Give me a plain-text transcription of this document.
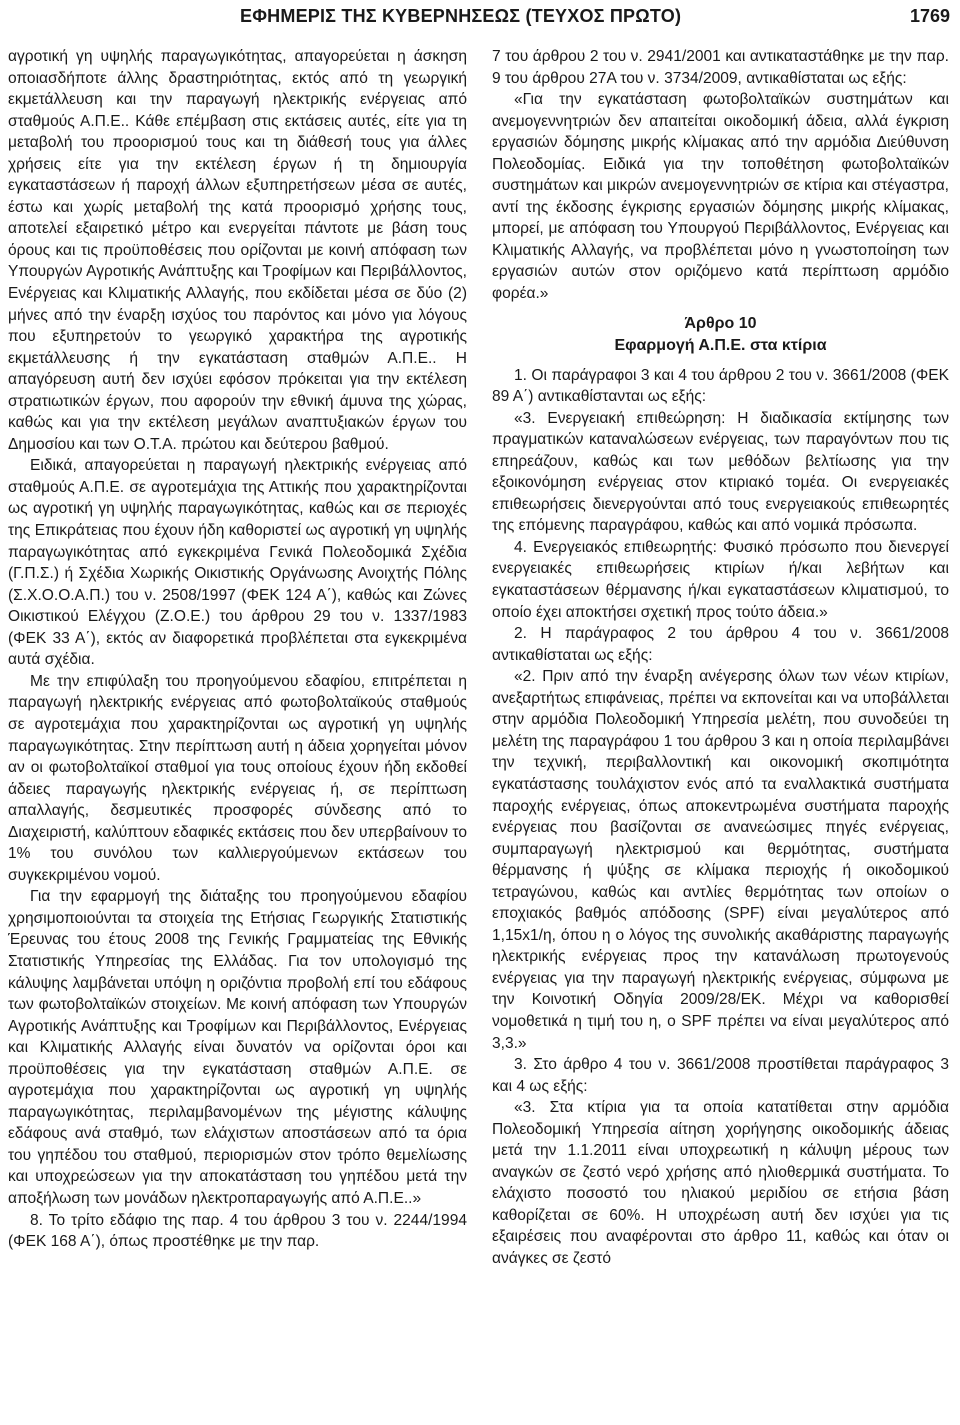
ΕΦΗΜΕΡΙΣ ΤΗΣ ΚΥΒΕΡΝΗΣΕΩΣ (ΤΕΥΧΟΣ ΠΡΩΤΟ)	1769

αγροτική γη υψηλής παραγωγικότητας, απαγορεύεται η άσκηση οποιασδήποτε άλλης δραστηριότητας, εκτός από τη γεωργική εκμετάλλευση και την παραγωγή ηλεκτρικής ενέργειας από σταθμούς Α.Π.Ε.. Κάθε επέμβαση στις εκτάσεις αυτές, είτε για τη μεταβολή του προορισμού τους και τη διάθεσή τους για άλλες χρήσεις είτε για την εκτέλεση έργων ή τη δημιουργία εγκαταστάσεων ή παροχή άλλων εξυπηρετήσεων μέσα σε αυτές, έστω και χωρίς μεταβολή της κατά προορισμό χρήσης τους, αποτελεί εξαιρετικό μέτρο και ενεργείται πάντοτε με βάση τους όρους και τις προϋποθέσεις που ορίζονται με κοινή απόφαση των Υπουργών Αγροτικής Ανάπτυξης και Τροφίμων και Περιβάλλοντος, Ενέργειας και Κλιματικής Αλλαγής, που εκδίδεται μέσα σε δύο (2) μήνες από την έναρξη ισχύος του παρόντος και μόνο για λόγους που εξυπηρετούν το γεωργικό χαρακτήρα της αγροτικής εκμετάλλευσης ή την εγκατάσταση σταθμών Α.Π.Ε.. Η απαγόρευση αυτή δεν ισχύει εφόσον πρόκειται για την εκτέλεση στρατιωτικών έργων, που αφορούν την εθνική άμυνα της χώρας, καθώς και για την εκτέλεση μεγάλων αναπτυξιακών έργων του Δημοσίου και των Ο.Τ.Α. πρώτου και δεύτερου βαθμού.

Ειδικά, απαγορεύεται η παραγωγή ηλεκτρικής ενέργειας από σταθμούς Α.Π.Ε. σε αγροτεμάχια της Αττικής που χαρακτηρίζονται ως αγροτική γη υψηλής παραγωγικότητας, καθώς και σε περιοχές της Επικράτειας που έχουν ήδη καθοριστεί ως αγροτική γη υψηλής παραγωγικότητας από εγκεκριμένα Γενικά Πολεοδομικά Σχέδια (Γ.Π.Σ.) ή Σχέδια Χωρικής Οικιστικής Οργάνωσης Ανοιχτής Πόλης (Σ.Χ.Ο.Ο.Α.Π.) του ν. 2508/1997 (ΦΕΚ 124 Α΄), καθώς και Ζώνες Οικιστικού Ελέγχου (Ζ.Ο.Ε.) του άρθρου 29 του ν. 1337/1983 (ΦΕΚ 33 Α΄), εκτός αν διαφορετικά προβλέπεται στα εγκεκριμένα αυτά σχέδια.

Με την επιφύλαξη του προηγούμενου εδαφίου, επιτρέπεται η παραγωγή ηλεκτρικής ενέργειας από φωτοβολταϊκούς σταθμούς σε αγροτεμάχια που χαρακτηρίζονται ως αγροτική γη υψηλής παραγωγικότητας. Στην περίπτωση αυτή η άδεια χορηγείται μόνον αν οι φωτοβολταϊκοί σταθμοί για τους οποίους έχουν ήδη εκδοθεί άδειες παραγωγής ηλεκτρικής ενέργειας ή, σε περίπτωση απαλλαγής, δεσμευτικές προσφορές σύνδεσης από το Διαχειριστή, καλύπτουν εδαφικές εκτάσεις που δεν υπερβαίνουν το 1% του συνόλου των καλλιεργούμενων εκτάσεων του συγκεκριμένου νομού.

Για την εφαρμογή της διάταξης του προηγούμενου εδαφίου χρησιμοποιούνται τα στοιχεία της Ετήσιας Γεωργικής Στατιστικής Έρευνας του έτους 2008 της Γενικής Γραμματείας της Εθνικής Στατιστικής Υπηρεσίας της Ελλάδας. Για τον υπολογισμό της κάλυψης λαμβάνεται υπόψη η οριζόντια προβολή επί του εδάφους των φωτοβολταϊκών στοιχείων. Με κοινή απόφαση των Υπουργών Αγροτικής Ανάπτυξης και Τροφίμων και Περιβάλλοντος, Ενέργειας και Κλιματικής Αλλαγής είναι δυνατόν να ορίζονται όροι και προϋποθέσεις για την εγκατάσταση σταθμών Α.Π.Ε. σε αγροτεμάχια που χαρακτηρίζονται ως αγροτική γη υψηλής παραγωγικότητας, περιλαμβανομένων της μέγιστης κάλυψης εδάφους ανά σταθμό, των ελάχιστων αποστάσεων από τα όρια του γηπέδου του σταθμού, περιορισμών στον τρόπο θεμελίωσης και υποχρεώσεων για την αποκατάσταση του γηπέδου μετά την αποξήλωση των μονάδων ηλεκτροπαραγωγής από Α.Π.Ε..»

8. Το τρίτο εδάφιο της παρ. 4 του άρθρου 3 του ν. 2244/1994 (ΦΕΚ 168 Α΄), όπως προστέθηκε με την παρ.

7 του άρθρου 2 του ν. 2941/2001 και αντικαταστάθηκε με την παρ. 9 του άρθρου 27Α του ν. 3734/2009, αντικαθίσταται ως εξής:

«Για την εγκατάσταση φωτοβολταϊκών συστημάτων και ανεμογεννητριών δεν απαιτείται οικοδομική άδεια, αλλά έγκριση εργασιών δόμησης μικρής κλίμακας από την αρμόδια Διεύθυνση Πολεοδομίας. Ειδικά για την τοποθέτηση φωτοβολταϊκών συστημάτων και μικρών ανεμογεννητριών σε κτίρια και στέγαστρα, αντί της έκδοσης έγκρισης εργασιών δόμησης μικρής κλίμακας, μπορεί, με απόφαση του Υπουργού Περιβάλλοντος, Ενέργειας και Κλιματικής Αλλαγής, να προβλέπεται μόνο η γνωστοποίηση των εργασιών αυτών στον οριζόμενο κατά περίπτωση αρμόδιο φορέα.»

Άρθρο 10

Εφαρμογή Α.Π.Ε. στα κτίρια

1. Οι παράγραφοι 3 και 4 του άρθρου 2 του ν. 3661/2008 (ΦΕΚ 89 Α΄) αντικαθίστανται ως εξής:

«3. Ενεργειακή επιθεώρηση: Η διαδικασία εκτίμησης των πραγματικών καταναλώσεων ενέργειας, των παραγόντων που τις επηρεάζουν, καθώς και των μεθόδων βελτίωσης για την εξοικονόμηση ενέργειας στον κτιριακό τομέα. Οι ενεργειακές επιθεωρήσεις διενεργούνται από τους ενεργειακούς επιθεωρητές της επόμενης παραγράφου, καθώς και από νομικά πρόσωπα.

4. Ενεργειακός επιθεωρητής: Φυσικό πρόσωπο που διενεργεί ενεργειακές επιθεωρήσεις κτιρίων ή/και λεβήτων και εγκαταστάσεων θέρμανσης ή/και εγκαταστάσεων κλιματισμού, το οποίο έχει αποκτήσει σχετική προς τούτο άδεια.»

2. Η παράγραφος 2 του άρθρου 4 του ν. 3661/2008 αντικαθίσταται ως εξής:

«2. Πριν από την έναρξη ανέγερσης όλων των νέων κτιρίων, ανεξαρτήτως επιφάνειας, πρέπει να εκπονείται και να υποβάλλεται στην αρμόδια Πολεοδομική Υπηρεσία μελέτη, που συνοδεύει τη μελέτη της παραγράφου 1 του άρθρου 3 και η οποία περιλαμβάνει την τεχνική, περιβαλλοντική και οικονομική σκοπιμότητα εγκατάστασης τουλάχιστον ενός από τα εναλλακτικά συστήματα παροχής ενέργειας, όπως αποκεντρωμένα συστήματα παροχής ενέργειας που βασίζονται σε ανανεώσιμες πηγές ενέργειας, συμπαραγωγή ηλεκτρισμού και θερμότητας, συστήματα θέρμανσης ή ψύξης σε κλίμακα περιοχής ή οικοδομικού τετραγώνου, καθώς και αντλίες θερμότητας των οποίων ο εποχιακός βαθμός απόδοσης (SPF) είναι μεγαλύτερος από 1,15x1/η, όπου η ο λόγος της συνολικής ακαθάριστης παραγωγής ηλεκτρικής ενέργειας προς την κατανάλωση πρωτογενούς ενέργειας για την παραγωγή ηλεκτρικής ενέργειας, σύμφωνα με την Κοινοτική Οδηγία 2009/28/ΕΚ. Μέχρι να καθορισθεί νομοθετικά η τιμή του η, ο SPF πρέπει να είναι μεγαλύτερος από 3,3.»

3. Στο άρθρο 4 του ν. 3661/2008 προστίθεται παράγραφος 3 και 4 ως εξής:

«3. Στα κτίρια για τα οποία κατατίθεται στην αρμόδια Πολεοδομική Υπηρεσία αίτηση χορήγησης οικοδομικής άδειας μετά την 1.1.2011 είναι υποχρεωτική η κάλυψη μέρους των αναγκών σε ζεστό νερό χρήσης από ηλιοθερμικά συστήματα. Το ελάχιστο ποσοστό του ηλιακού μεριδίου σε ετήσια βάση καθορίζεται σε 60%. Η υποχρέωση αυτή δεν ισχύει για τις εξαιρέσεις που αναφέρονται στο άρθρο 11, καθώς και όταν οι ανάγκες σε ζεστό
